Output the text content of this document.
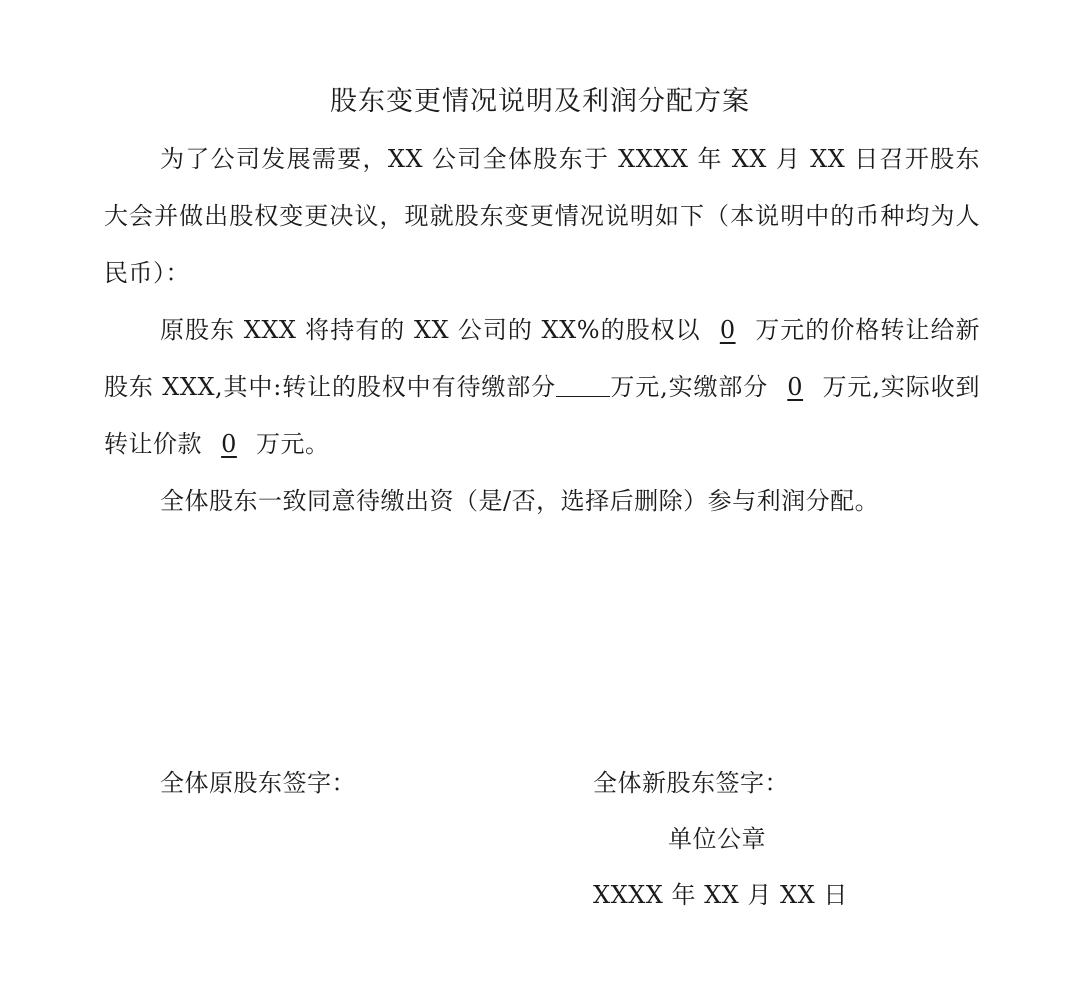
股东变更情况说明及利润分配方案

为了公司发展需要，XX 公司全体股东于 XXXX 年 XX 月 XX 日召开股东大会并做出股权变更决议，现就股东变更情况说明如下（本说明中的币种均为人民币）：

原股东 XXX 将持有的 XX 公司的 XX%的股权以 0 万元的价格转让给新股东 XXX,其中:转让的股权中有待缴部分 万元,实缴部分 0 万元,实际收到转让价款 0 万元。

全体股东一致同意待缴出资（是/否，选择后删除）参与利润分配。

全体原股东签字：	全体新股东签字：

单位公章

XXXX 年 XX 月 XX 日
